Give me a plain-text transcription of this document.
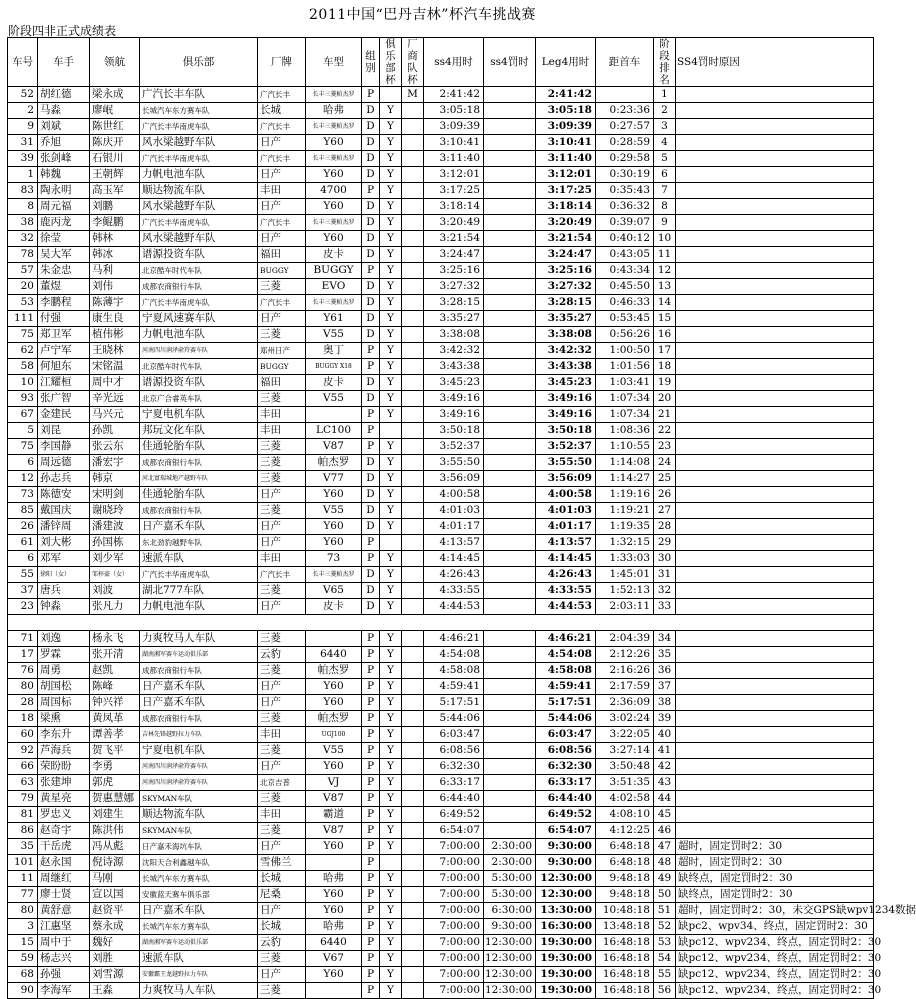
2011中国“巴丹吉林”杯汽车挑战赛
阶段四非正式成绩表
车号	车手	领航	俱乐部	厂牌	车型	组别	俱乐部杯	厂商队杯	ss4用时	ss4罚时	Leg4用时	距首车	阶段排名	SS4罚时原因
52	胡红德	梁永成	广汽长丰车队	广汽长丰	长丰三菱帕杰罗	P		M	2:41:42		2:41:42		1	
2	马淼	廖岷	长城汽车东方赛车队	长城	哈弗	D	Y		3:05:18		3:05:18	0:23:36	2	
9	刘斌	陈世红	广汽长丰华南虎车队	广汽长丰	长丰三菱帕杰罗	D	Y		3:09:39		3:09:39	0:27:57	3	
31	乔旭	陈庆开	风水梁越野车队	日产	Y60	D	Y		3:10:41		3:10:41	0:28:59	4	
39	张剑峰	石银川	广汽长丰华南虎车队	广汽长丰	长丰三菱帕杰罗	D	Y		3:11:40		3:11:40	0:29:58	5	
1	韩魏	王朝辉	力帆电池车队	日产	Y60	D	Y		3:12:01		3:12:01	0:30:19	6	
83	陶永明	高玉军	顺达物流车队	丰田	4700	P	Y		3:17:25		3:17:25	0:35:43	7	
8	周元福	刘鹏	风水梁越野车队	日产	Y60	D	Y		3:18:14		3:18:14	0:36:32	8	
38	鹿丙龙	李鲲鹏	广汽长丰华南虎车队	广汽长丰	长丰三菱帕杰罗	D	Y		3:20:49		3:20:49	0:39:07	9	
32	徐莹	韩林	风水梁越野车队	日产	Y60	D	Y		3:21:54		3:21:54	0:40:12	10	
78	吴大军	韩冰	谱源投资车队	福田	皮卡	D	Y		3:24:47		3:24:47	0:43:05	11	
57	朱金忠	马利	北京酷车时代车队	BUGGY	BUGGY	P	Y		3:25:16		3:25:16	0:43:34	12	
20	董煜	刘伟	成都农商银行车队	三菱	EVO	D	Y		3:27:32		3:27:32	0:45:50	13	
53	李鹏程	陈薄宇	广汽长丰华南虎车队	广汽长丰	长丰三菱帕杰罗	D	Y		3:28:15		3:28:15	0:46:33	14	
111	付强	康生良	宁夏风速赛车队	日产	Y61	D	Y		3:35:27		3:35:27	0:53:45	15	
75	郑卫军	植伟彬	力帆电池车队	三菱	V55	D	Y		3:38:08		3:38:08	0:56:26	16	
62	卢宁军	王晓林	河南四川润泽俞羚赛车队	郑州日产	奥丁	P	Y		3:42:32		3:42:32	1:00:50	17	
58	何旭东	宋铭温	北京酷车时代车队	BUGGY	BUGGY X18	P	Y		3:43:38		3:43:38	1:01:56	18	
10	江耀桓	周中才	谱源投资车队	福田	皮卡	D	Y		3:45:23		3:45:23	1:03:41	19	
93	张广智	辛光远	北京广合睿英车队	三菱	V55	D	Y		3:49:16		3:49:16	1:07:34	20	
67	金建民	马兴元	宁夏电机车队	丰田		P	Y		3:49:16		3:49:16	1:07:34	21	
5	刘昆	孙凯	邦玩文化车队	丰田	LC100	P			3:50:18		3:50:18	1:08:36	22	
75	李国静	张云东	佳通轮胎车队	三菱	V87	P	Y		3:52:37		3:52:37	1:10:55	23	
6	周远德	潘宏宇	成都农商银行车队	三菱	帕杰罗	D	Y		3:55:50		3:55:50	1:14:08	24	
12	孙志兵	韩京	河北富瑞城地产越野车队	三菱	V77	D	Y		3:56:09		3:56:09	1:14:27	25	
73	陈德安	宋明剑	佳通轮胎车队	日产	Y60	D	Y		4:00:58		4:00:58	1:19:16	26	
85	戴国庆	谢晓玲	成都农商银行车队	三菱	V55	D	Y		4:01:03		4:01:03	1:19:21	27	
26	潘锌周	潘建波	日产嘉禾车队	日产	Y60	D	Y		4:01:17		4:01:17	1:19:35	28	
61	刘大彬	孙国栋	东北劲豹越野车队	日产	Y60	P			4:13:57		4:13:57	1:32:15	29	
6	邓军	刘少军	速派车队	丰田	73	P	Y		4:14:45		4:14:45	1:33:03	30	
55	徐阳（女）	邹梓豪（女）	广汽长丰华南虎车队	广汽长丰	长丰三菱帕杰罗	D	Y		4:26:43		4:26:43	1:45:01	31	
37	唐兵	刘波	湖北777车队	三菱	V65	D	Y		4:33:55		4:33:55	1:52:13	32	
23	钟淼	张凡力	力帆电池车队	日产	皮卡	D	Y		4:44:53		4:44:53	2:03:11	33	

71	刘逸	杨永飞	力爽牧马人车队	三菱		P	Y		4:46:21		4:46:21	2:04:39	34	
17	罗霖	张开清	湖南湘军赛车运动俱乐部	云豹	6440	P	Y		4:54:08		4:54:08	2:12:26	35	
76	周勇	赵凯	成都农商银行车队	三菱	帕杰罗	P	Y		4:58:08		4:58:08	2:16:26	36	
80	胡国松	陈峰	日产嘉禾车队	日产	Y60	P	Y		4:59:41		4:59:41	2:17:59	37	
28	周国标	钟兴祥	日产嘉禾车队	日产	Y60	P	Y		5:17:51		5:17:51	2:36:09	38	
18	梁熏	黄凤革	成都农商银行车队	三菱	帕杰罗	P	Y		5:44:06		5:44:06	3:02:24	39	
60	李东升	谭善孝	吉林先锋越野拉力车队	丰田	UGJ100	P	Y		6:03:47		6:03:47	3:22:05	40	
92	芦海兵	贺飞平	宁夏电机车队	三菱	V55	P	Y		6:08:56		6:08:56	3:27:14	41	
66	荣盼盼	李勇	河南四川润泽俞羚赛车队	日产	Y60	P	Y		6:32:30		6:32:30	3:50:48	42	
63	张建坤	郭虎	河南四川润泽俞羚赛车队	北京吉普	VJ	P	Y		6:33:17		6:33:17	3:51:35	43	
79	黄星亮	贺惠慧娜	SKYMAN车队	三菱	V87	P	Y		6:44:40		6:44:40	4:02:58	44	
81	罗忠义	刘建生	顺达物流车队	丰田	霸道	P	Y		6:49:52		6:49:52	4:08:10	45	
86	赵奇宇	陈洪伟	SKYMAN车队	三菱	V87	P	Y		6:54:07		6:54:07	4:12:25	46	
35	干岳虎	冯从彪	日产嘉禾海坑车队	日产	Y60	P	Y		7:00:00	2:30:00	9:30:00	6:48:18	47	超时，固定罚时2：30
101	赵永国	倪诗源	沈阳天合利鑫越车队	雪佛兰		P			7:00:00	2:30:00	9:30:00	6:48:18	48	超时，固定罚时2：30
11	周继红	马刚	长城汽车东方赛车队	长城	哈弗	P	Y		7:00:00	5:30:00	12:30:00	9:48:18	49	缺终点，固定罚时2：30
77	廖士贤	宣以国	安徽蓝天赛车俱乐部	尼桑	Y60	P	Y		7:00:00	5:30:00	12:30:00	9:48:18	50	缺终点，固定罚时2：30
80	黄舒意	赵资平	日产嘉禾车队	日产	Y60	P	Y		7:00:00	6:30:00	13:30:00	10:48:18	51	超时，固定罚时2：30，未交GPS缺wpv1234数据
3	江惠坚	蔡永成	长城汽车东方赛车队	长城	哈弗	P	Y		7:00:00	9:30:00	16:30:00	13:48:18	52	缺pc2、wpv34、终点，固定罚时2：30
15	周中于	魏好	湖南湘军赛车运动俱乐部	云豹	6440	P	Y		7:00:00	12:30:00	19:30:00	16:48:18	53	缺pc12、wpv234、终点，固定罚时2：30
59	杨志兴	刘胜	速派车队	三菱	V67	P	Y		7:00:00	12:30:00	19:30:00	16:48:18	54	缺pc12、wpv234、终点，固定罚时2：30
68	孙强	刘雪源	安徽霸王龙越野拉力车队	日产	Y60	P	Y		7:00:00	12:30:00	19:30:00	16:48:18	55	缺pc12、wpv234、终点，固定罚时2：30
90	李海军	王淼	力爽牧马人车队	三菱		P	Y		7:00:00	12:30:00	19:30:00	16:48:18	56	缺pc12、wpv234、终点，固定罚时2：30
